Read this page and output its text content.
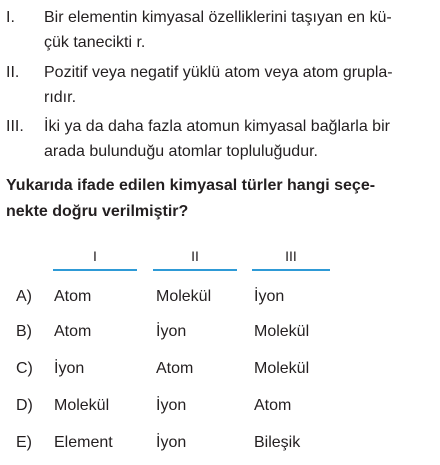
I. Bir elementin kimyasal özelliklerini taşıyan en kü-
çük tanecikti r.
II. Pozitif veya negatif yüklü atom veya atom grupla-
rıdır.
III. İki ya da daha fazla atomun kimyasal bağlarla bir
arada bulunduğu atomlar topluluğudur.
Yukarıda ifade edilen kimyasal türler hangi seçe-
nekte doğru verilmiştir?
I	II	III
A) Atom	Molekül	İyon
B) Atom	İyon	Molekül
C) İyon	Atom	Molekül
D) Molekül	İyon	Atom
E) Element	İyon	Bileşik
